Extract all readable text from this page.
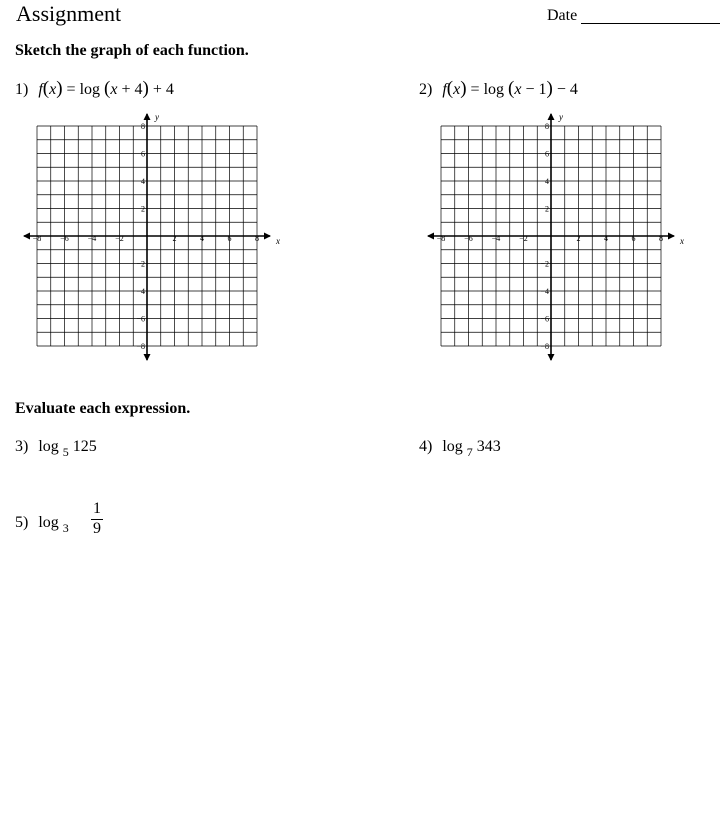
Assignment	Date
Sketch the graph of each function.
1) f(x) = log (x + 4) + 4	2) f(x) = log (x − 1) − 4
−8 −6 −4 −2	2	4	6	8
8
6
4
2
−2
−4
−6
−8
x
y
−8 −6 −4 −2	2	4	6	8
8
6
4
2
−2
−4
−6
−8
x
y
Evaluate each expression.
3) log $_5$ 125	4) log $_7$ 343
5) log $_3$
1
9
